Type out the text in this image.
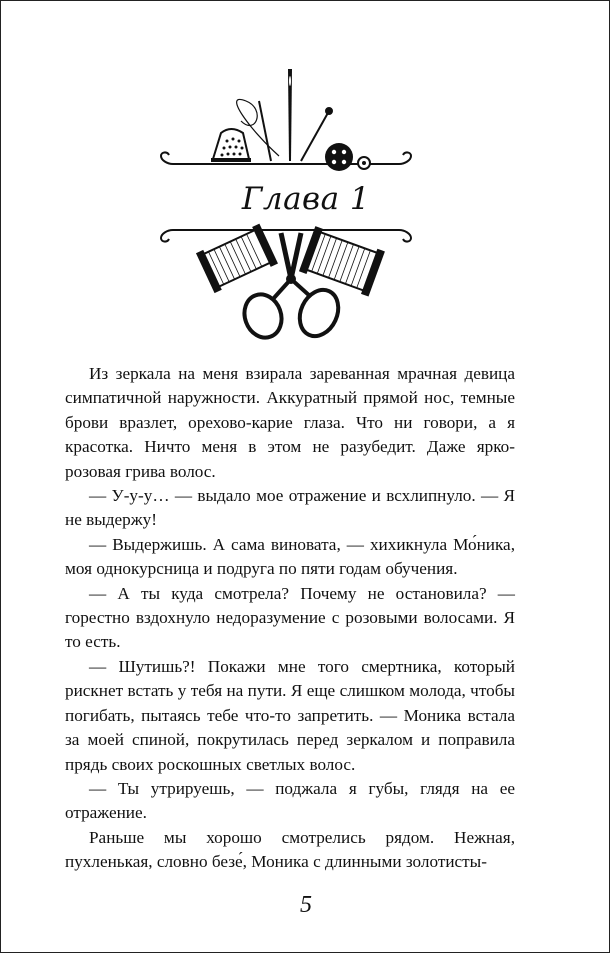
Глава 1

Из зеркала на меня взирала зареванная мрачная девица симпатичной наружности. Аккуратный прямой нос, темные брови вразлет, орехово-карие глаза. Что ни говори, а я красотка. Ничто меня в этом не разубедит. Даже ярко-розовая грива волос.

— У-у-у… — выдало мое отражение и всхлипнуло. — Я не выдержу!

— Выдержишь. А сама виновата, — хихикнула Мо́ника, моя однокурсница и подруга по пяти годам обучения.

— А ты куда смотрела? Почему не остановила? — горестно вздохнуло недоразумение с розовыми волосами. Я то есть.

— Шутишь?! Покажи мне того смертника, который рискнет встать у тебя на пути. Я еще слишком молода, чтобы погибать, пытаясь тебе что-то запретить. — Моника встала за моей спиной, покрутилась перед зеркалом и поправила прядь своих роскошных светлых волос.

— Ты утрируешь, — поджала я губы, глядя на ее отражение.

Раньше мы хорошо смотрелись рядом. Нежная, пухленькая, словно безе́, Моника с длинными золотисты-

5
